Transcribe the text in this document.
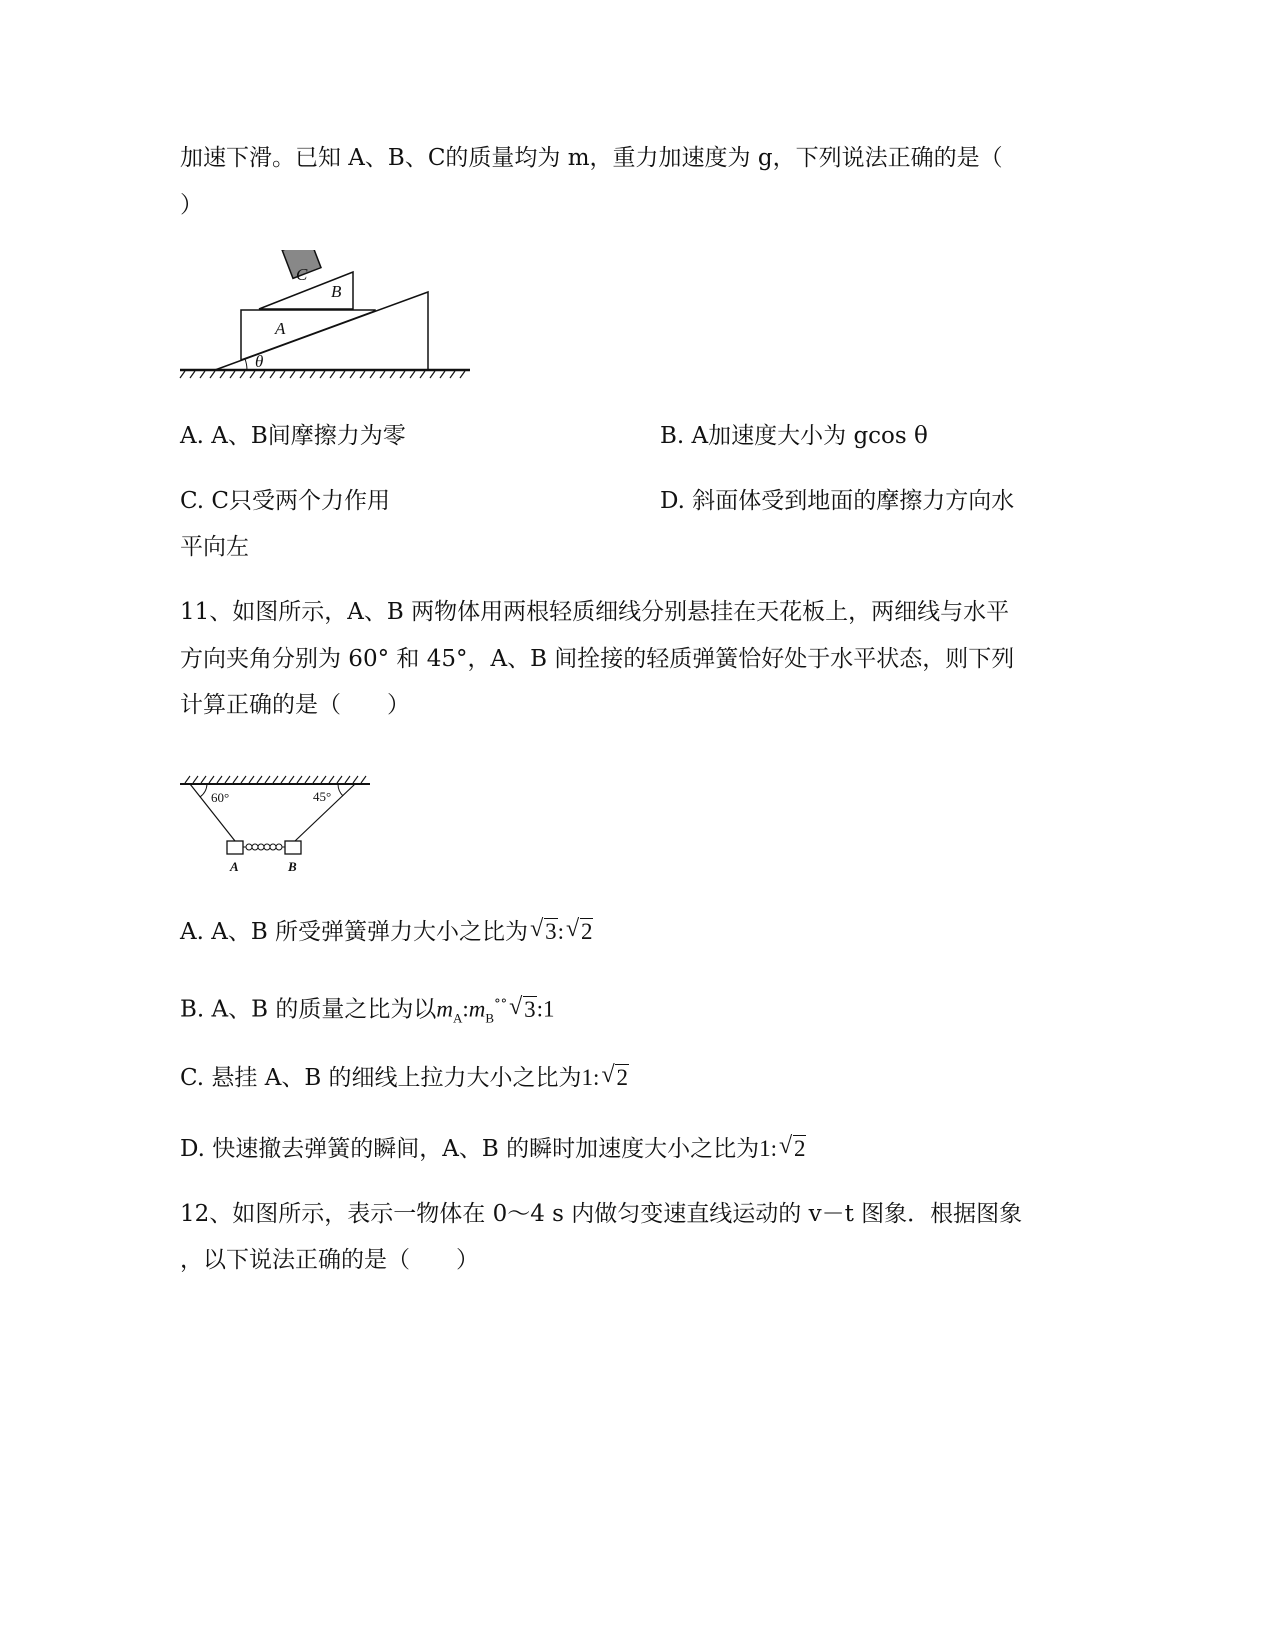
加速下滑。已知 A、B、C的质量均为 m，重力加速度为 g，下列说法正确的是（
）
C
B
A
θ
A. A、B间摩擦力为零	B. A加速度大小为 gcos θ
C. C只受两个力作用	D. 斜面体受到地面的摩擦力方向水
平向左
11、如图所示，A、B 两物体用两根轻质细线分别悬挂在天花板上，两细线与水平
方向夹角分别为 60° 和 45°，A、B 间拴接的轻质弹簧恰好处于水平状态，则下列
计算正确的是（　　）
60°	45°
A	B
A. A、B 所受弹簧弹力大小之比为 √ 3: √ 2
B. A、B 的质量之比为以$m_A:m_B^{^\circ^\circ}$ √ 3:1
C. 悬挂 A、B 的细线上拉力大小之比为1: √ 2
D. 快速撤去弹簧的瞬间，A、B 的瞬时加速度大小之比为1: √ 2
12、如图所示，表示一物体在 0～4 s 内做匀变速直线运动的 v－t 图象．根据图象
，以下说法正确的是（　　）
